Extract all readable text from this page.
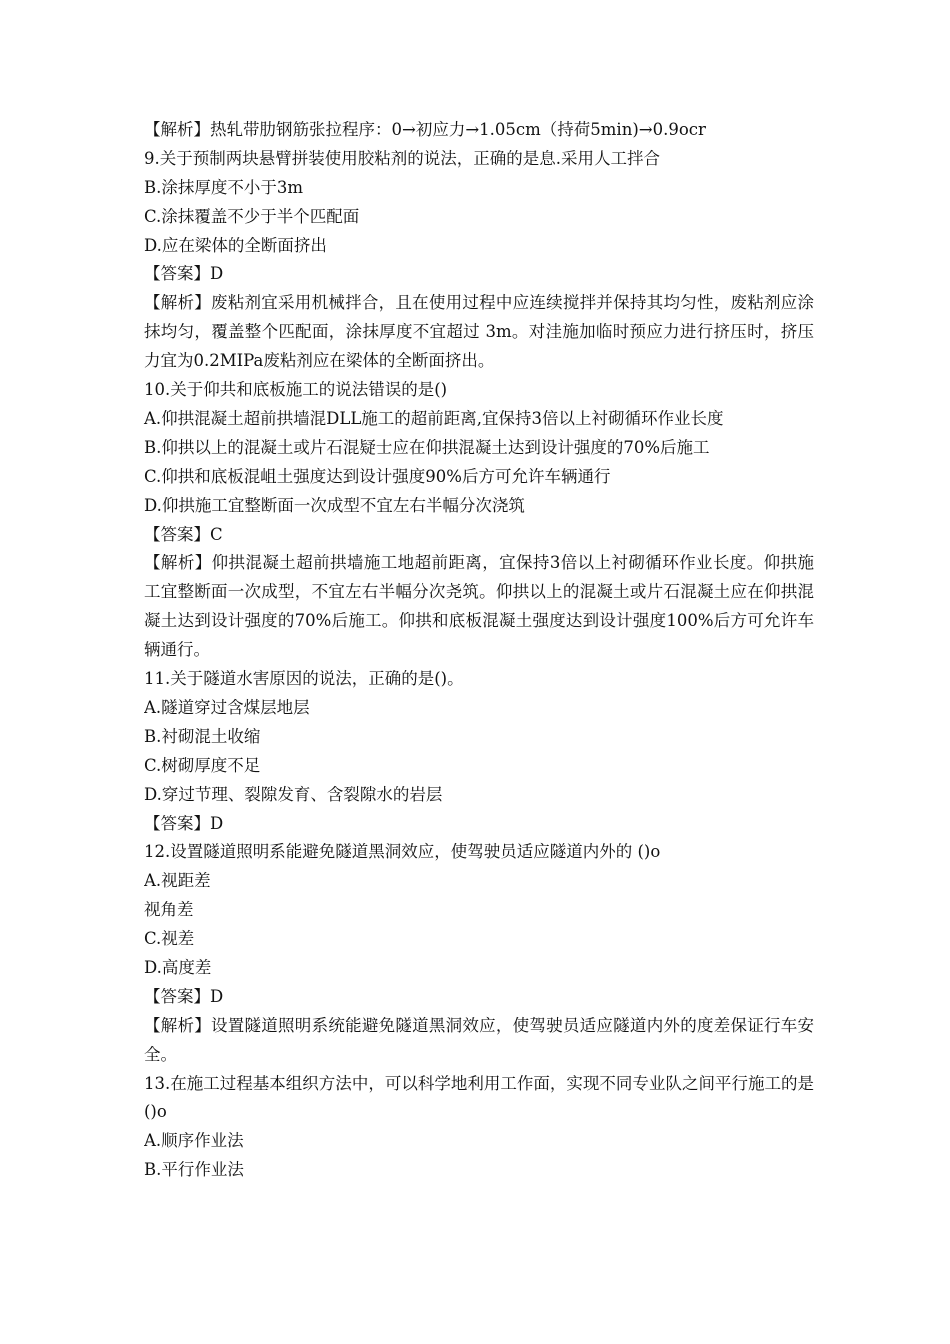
【解析】热轧带肋钢筋张拉程序：0→初应力→1.05cm（持荷5min)→0.9ocr
9.关于预制两块悬臂拼装使用胶粘剂的说法，正确的是息.采用人工拌合
B.涂抹厚度不小于3m
C.涂抹覆盖不少于半个匹配面
D.应在梁体的全断面挤出
【答案】D
【解析】废粘剂宜采用机械拌合，且在使用过程中应连续搅拌并保持其均匀性，废粘剂应涂抹均匀，覆盖整个匹配面，涂抹厚度不宜超过 3m。对洼施加临时预应力进行挤压时，挤压力宜为0.2MIPa废粘剂应在梁体的全断面挤出。
10.关于仰共和底板施工的说法错误的是()
A.仰拱混凝土超前拱墙混DLL施工的超前距离,宜保持3倍以上衬砌循环作业长度
B.仰拱以上的混凝土或片石混疑士应在仰拱混凝土达到设计强度的70%后施工
C.仰拱和底板混岨土强度达到设计强度90%后方可允许车辆通行
D.仰拱施工宜整断面一次成型不宜左右半幅分次浇筑
【答案】C
【解析】仰拱混凝土超前拱墙施工地超前距离，宜保持3倍以上衬砌循环作业长度。仰拱施工宜整断面一次成型，不宜左右半幅分次尧筑。仰拱以上的混凝土或片石混凝土应在仰拱混凝土达到设计强度的70%后施工。仰拱和底板混凝土强度达到设计强度100%后方可允许车辆通行。
11.关于隧道水害原因的说法，正确的是()。
A.隧道穿过含煤层地层
B.衬砌混土收缩
C.树砌厚度不足
D.穿过节理、裂隙发育、含裂隙水的岩层
【答案】D
12.设置隧道照明系能避免隧道黑洞效应，使驾驶员适应隧道内外的 ()o
A.视距差
视角差
C.视差
D.高度差
【答案】D
【解析】设置隧道照明系统能避免隧道黑洞效应，使驾驶员适应隧道内外的度差保证行车安全。
13.在施工过程基本组织方法中，可以科学地利用工作面，实现不同专业队之间平行施工的是()o
A.顺序作业法
B.平行作业法
